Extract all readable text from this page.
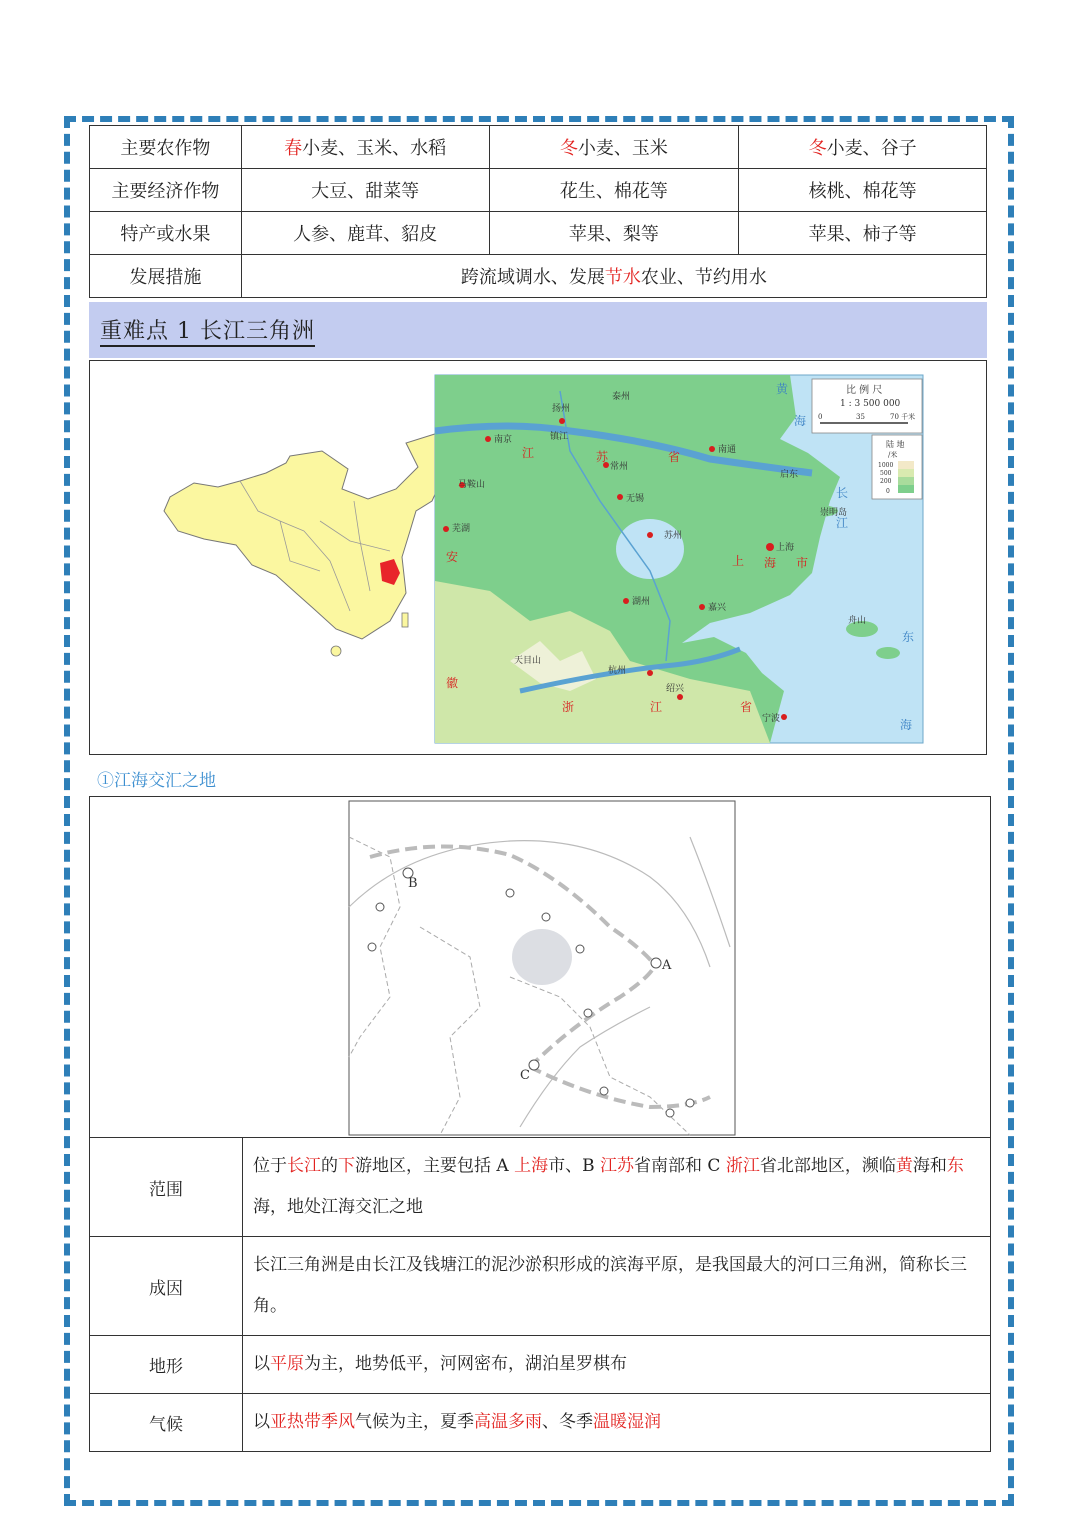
主要农作物	春小麦、玉米、水稻	冬小麦、玉米	冬小麦、谷子
主要经济作物	大豆、甜菜等	花生、棉花等	核桃、棉花等
特产或水果	人参、鹿茸、貂皮	苹果、梨等	苹果、柿子等
发展措施	跨流域调水、发展节水农业、节约用水		
重难点 1 长江三角洲
南京	镇江
扬州
泰州
南通
常州
无锡
苏州
上海
湖州
嘉兴
杭州
绍兴
宁波
马鞍山
芜湖
启东
崇明岛
舟山
天目山
江	苏	省
上 海 市
浙	江	省
安
徽
黄
海
东
海
长
江
比 例 尺
1 : 3 500 000
0	35	70 千米
陆 地
/米
1000
500
200
0
①江海交汇之地
A
B
C
范围	位于长江的下游地区，主要包括 A 上海市、B 江苏省南部和 C 浙江省北部地区，濒临黄海和东海，地处江海交汇之地
成因	长江三角洲是由长江及钱塘江的泥沙淤积形成的滨海平原，是我国最大的河口三角洲，简称长三角。
地形	以平原为主，地势低平，河网密布，湖泊星罗棋布
气候	以亚热带季风气候为主，夏季高温多雨、冬季温暖湿润
